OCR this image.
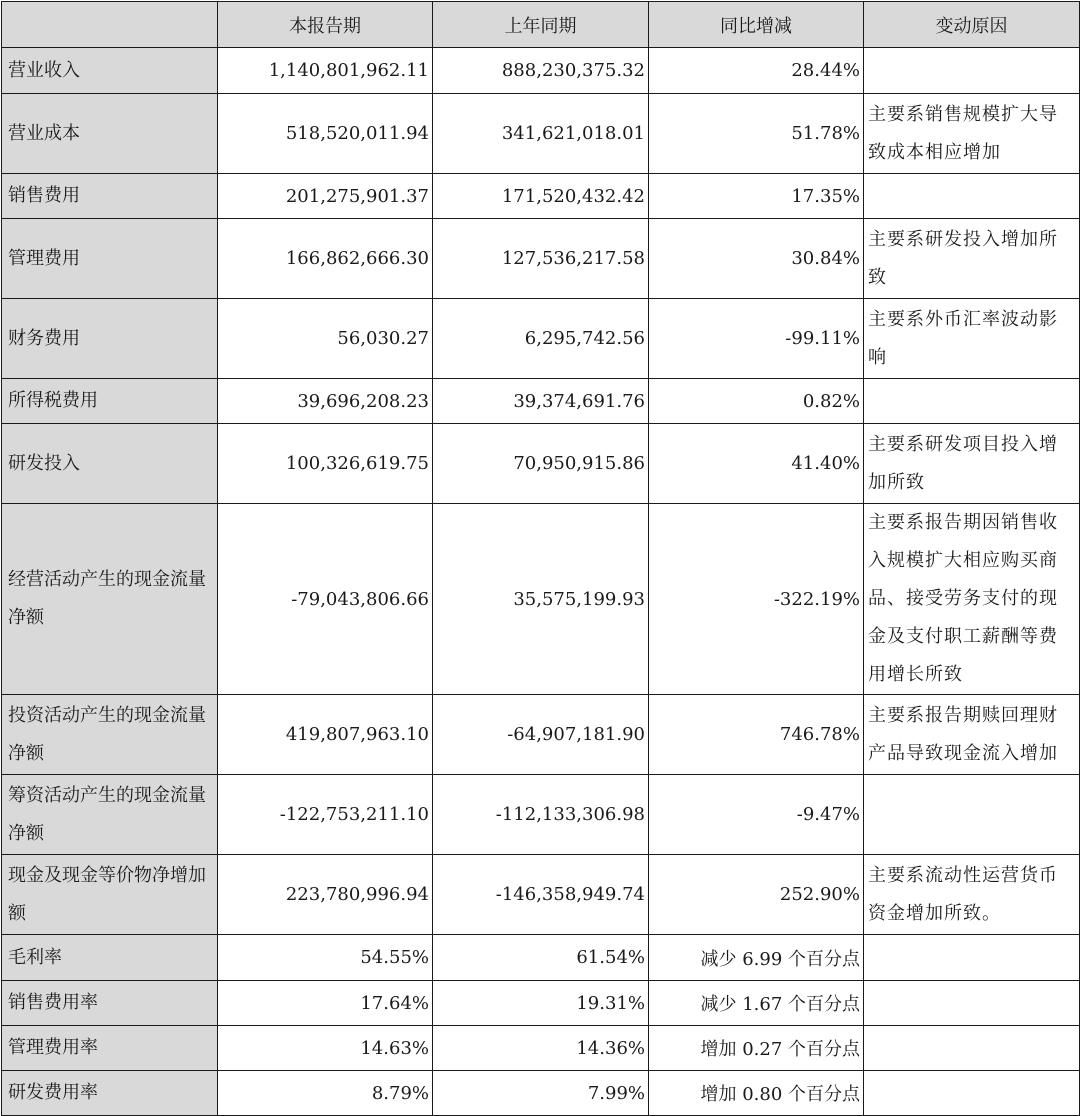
	本报告期	上年同期	同比增减	变动原因
营业收入	1,140,801,962.11	888,230,375.32	28.44%	
营业成本	518,520,011.94	341,621,018.01	51.78%	主要系销售规模扩大导致成本相应增加
销售费用	201,275,901.37	171,520,432.42	17.35%	
管理费用	166,862,666.30	127,536,217.58	30.84%	主要系研发投入增加所致
财务费用	56,030.27	6,295,742.56	-99.11%	主要系外币汇率波动影响
所得税费用	39,696,208.23	39,374,691.76	0.82%	
研发投入	100,326,619.75	70,950,915.86	41.40%	主要系研发项目投入增加所致
经营活动产生的现金流量净额	-79,043,806.66	35,575,199.93	-322.19%	主要系报告期因销售收入规模扩大相应购买商品、接受劳务支付的现金及支付职工薪酬等费用增长所致
投资活动产生的现金流量净额	419,807,963.10	-64,907,181.90	746.78%	主要系报告期赎回理财产品导致现金流入增加
筹资活动产生的现金流量净额	-122,753,211.10	-112,133,306.98	-9.47%	
现金及现金等价物净增加额	223,780,996.94	-146,358,949.74	252.90%	主要系流动性运营货币资金增加所致。
毛利率	54.55%	61.54%	减少 6.99 个百分点	
销售费用率	17.64%	19.31%	减少 1.67 个百分点	
管理费用率	14.63%	14.36%	增加 0.27 个百分点	
研发费用率	8.79%	7.99%	增加 0.80 个百分点	
